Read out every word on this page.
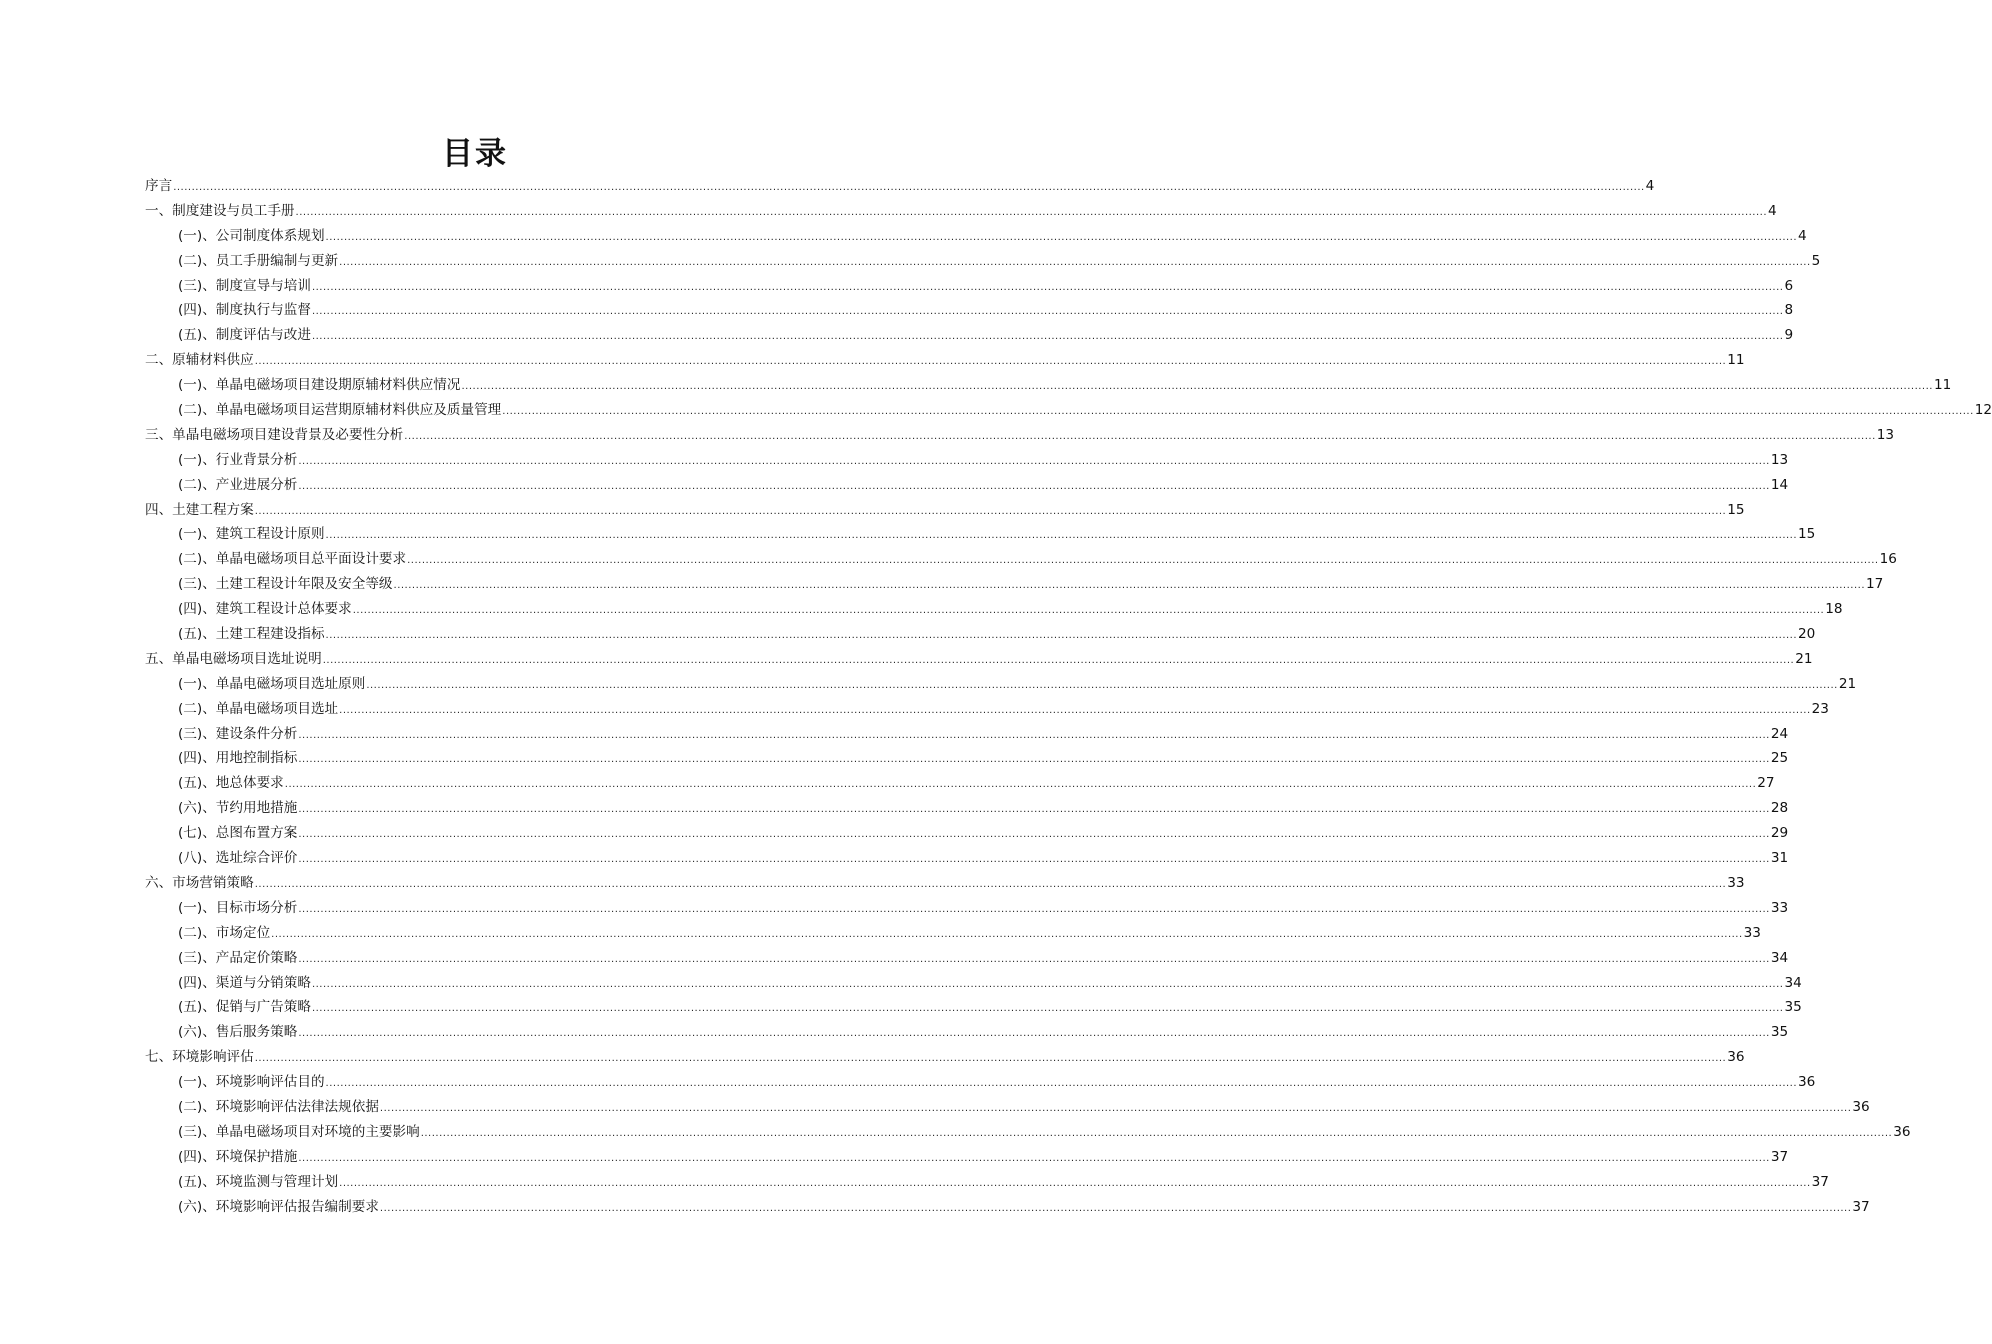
目录
序言 ................................................................................................................................................................................................................................................................................................................................................................................................................ 4
一、制度建设与员工手册 ................................................................................................................................................................................................................................................................................................................................................................................................................ 4
(一)、公司制度体系规划 ................................................................................................................................................................................................................................................................................................................................................................................................................ 4
(二)、员工手册编制与更新 ................................................................................................................................................................................................................................................................................................................................................................................................................ 5
(三)、制度宣导与培训 ................................................................................................................................................................................................................................................................................................................................................................................................................ 6
(四)、制度执行与监督 ................................................................................................................................................................................................................................................................................................................................................................................................................ 8
(五)、制度评估与改进 ................................................................................................................................................................................................................................................................................................................................................................................................................ 9
二、原辅材料供应 ................................................................................................................................................................................................................................................................................................................................................................................................................ 11
(一)、单晶电磁场项目建设期原辅材料供应情况 ................................................................................................................................................................................................................................................................................................................................................................................................................ 11
(二)、单晶电磁场项目运营期原辅材料供应及质量管理 ................................................................................................................................................................................................................................................................................................................................................................................................................ 12
三、单晶电磁场项目建设背景及必要性分析 ................................................................................................................................................................................................................................................................................................................................................................................................................ 13
(一)、行业背景分析 ................................................................................................................................................................................................................................................................................................................................................................................................................ 13
(二)、产业进展分析 ................................................................................................................................................................................................................................................................................................................................................................................................................ 14
四、土建工程方案 ................................................................................................................................................................................................................................................................................................................................................................................................................ 15
(一)、建筑工程设计原则 ................................................................................................................................................................................................................................................................................................................................................................................................................ 15
(二)、单晶电磁场项目总平面设计要求 ................................................................................................................................................................................................................................................................................................................................................................................................................ 16
(三)、土建工程设计年限及安全等级 ................................................................................................................................................................................................................................................................................................................................................................................................................ 17
(四)、建筑工程设计总体要求 ................................................................................................................................................................................................................................................................................................................................................................................................................ 18
(五)、土建工程建设指标 ................................................................................................................................................................................................................................................................................................................................................................................................................ 20
五、单晶电磁场项目选址说明 ................................................................................................................................................................................................................................................................................................................................................................................................................ 21
(一)、单晶电磁场项目选址原则 ................................................................................................................................................................................................................................................................................................................................................................................................................ 21
(二)、单晶电磁场项目选址 ................................................................................................................................................................................................................................................................................................................................................................................................................ 23
(三)、建设条件分析 ................................................................................................................................................................................................................................................................................................................................................................................................................ 24
(四)、用地控制指标 ................................................................................................................................................................................................................................................................................................................................................................................................................ 25
(五)、地总体要求 ................................................................................................................................................................................................................................................................................................................................................................................................................ 27
(六)、节约用地措施 ................................................................................................................................................................................................................................................................................................................................................................................................................ 28
(七)、总图布置方案 ................................................................................................................................................................................................................................................................................................................................................................................................................ 29
(八)、选址综合评价 ................................................................................................................................................................................................................................................................................................................................................................................................................ 31
六、市场营销策略 ................................................................................................................................................................................................................................................................................................................................................................................................................ 33
(一)、目标市场分析 ................................................................................................................................................................................................................................................................................................................................................................................................................ 33
(二)、市场定位 ................................................................................................................................................................................................................................................................................................................................................................................................................ 33
(三)、产品定价策略 ................................................................................................................................................................................................................................................................................................................................................................................................................ 34
(四)、渠道与分销策略 ................................................................................................................................................................................................................................................................................................................................................................................................................ 34
(五)、促销与广告策略 ................................................................................................................................................................................................................................................................................................................................................................................................................ 35
(六)、售后服务策略 ................................................................................................................................................................................................................................................................................................................................................................................................................ 35
七、环境影响评估 ................................................................................................................................................................................................................................................................................................................................................................................................................ 36
(一)、环境影响评估目的 ................................................................................................................................................................................................................................................................................................................................................................................................................ 36
(二)、环境影响评估法律法规依据 ................................................................................................................................................................................................................................................................................................................................................................................................................ 36
(三)、单晶电磁场项目对环境的主要影响 ................................................................................................................................................................................................................................................................................................................................................................................................................ 36
(四)、环境保护措施 ................................................................................................................................................................................................................................................................................................................................................................................................................ 37
(五)、环境监测与管理计划 ................................................................................................................................................................................................................................................................................................................................................................................................................ 37
(六)、环境影响评估报告编制要求 ................................................................................................................................................................................................................................................................................................................................................................................................................ 37
